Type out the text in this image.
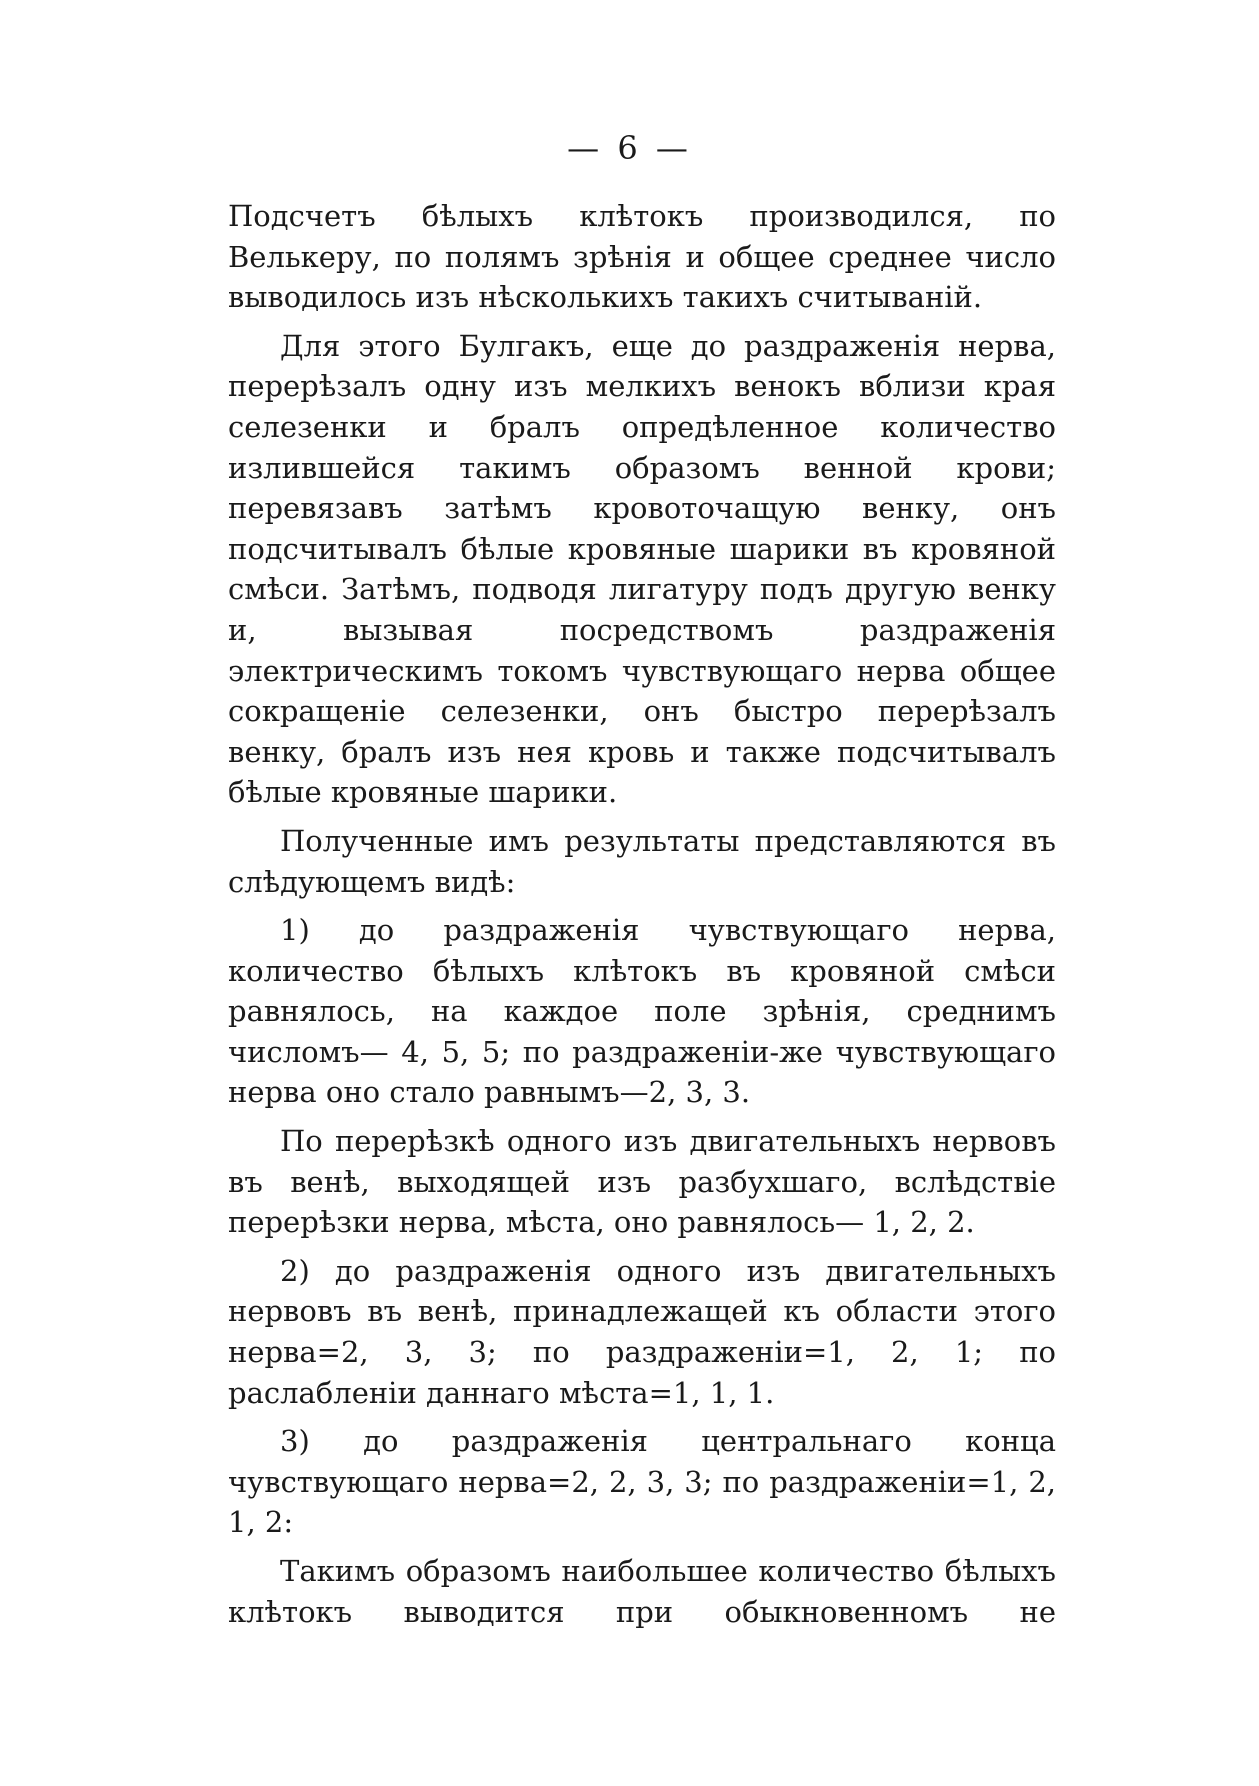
— 6 —

Подсчетъ бѣлыхъ клѣтокъ производился, по Велькеру, по полямъ зрѣнія и общее среднее число выводилось изъ нѣсколькихъ такихъ считываній.

Для этого Булгакъ, еще до раздраженія нерва, перерѣзалъ одну изъ мелкихъ венокъ вблизи края селезенки и бралъ опредѣленное количество излившейся такимъ образомъ венной крови; перевязавъ затѣмъ кровоточащую венку, онъ подсчитывалъ бѣлые кровяные шарики въ кровяной смѣси. Затѣмъ, подводя лигатуру подъ другую венку и, вызывая посредствомъ раздраженія электрическимъ токомъ чувствующаго нерва общее сокращеніе селезенки, онъ быстро перерѣзалъ венку, бралъ изъ нея кровь и также подсчитывалъ бѣлые кровяные шарики.

Полученные имъ результаты представляются въ слѣдующемъ видѣ:

1) до раздраженія чувствующаго нерва, количество бѣлыхъ клѣтокъ въ кровяной смѣси равнялось, на каждое поле зрѣнія, среднимъ числомъ— 4, 5, 5; по раздраженіи-же чувствующаго нерва оно стало равнымъ—2, 3, 3.

По перерѣзкѣ одного изъ двигательныхъ нервовъ въ венѣ, выходящей изъ разбухшаго, вслѣдствіе перерѣзки нерва, мѣста, оно равнялось— 1, 2, 2.

2) до раздраженія одного изъ двигательныхъ нервовъ въ венѣ, принадлежащей къ области этого нерва=2, 3, 3; по раздраженіи=1, 2, 1; по раслабленіи даннаго мѣста=1, 1, 1.

3) до раздраженія центральнаго конца чувствующаго нерва=2, 2, 3, 3; по раздраженіи=1, 2, 1, 2:

Такимъ образомъ наибольшее количество бѣлыхъ клѣтокъ выводится при обыкновенномъ не
